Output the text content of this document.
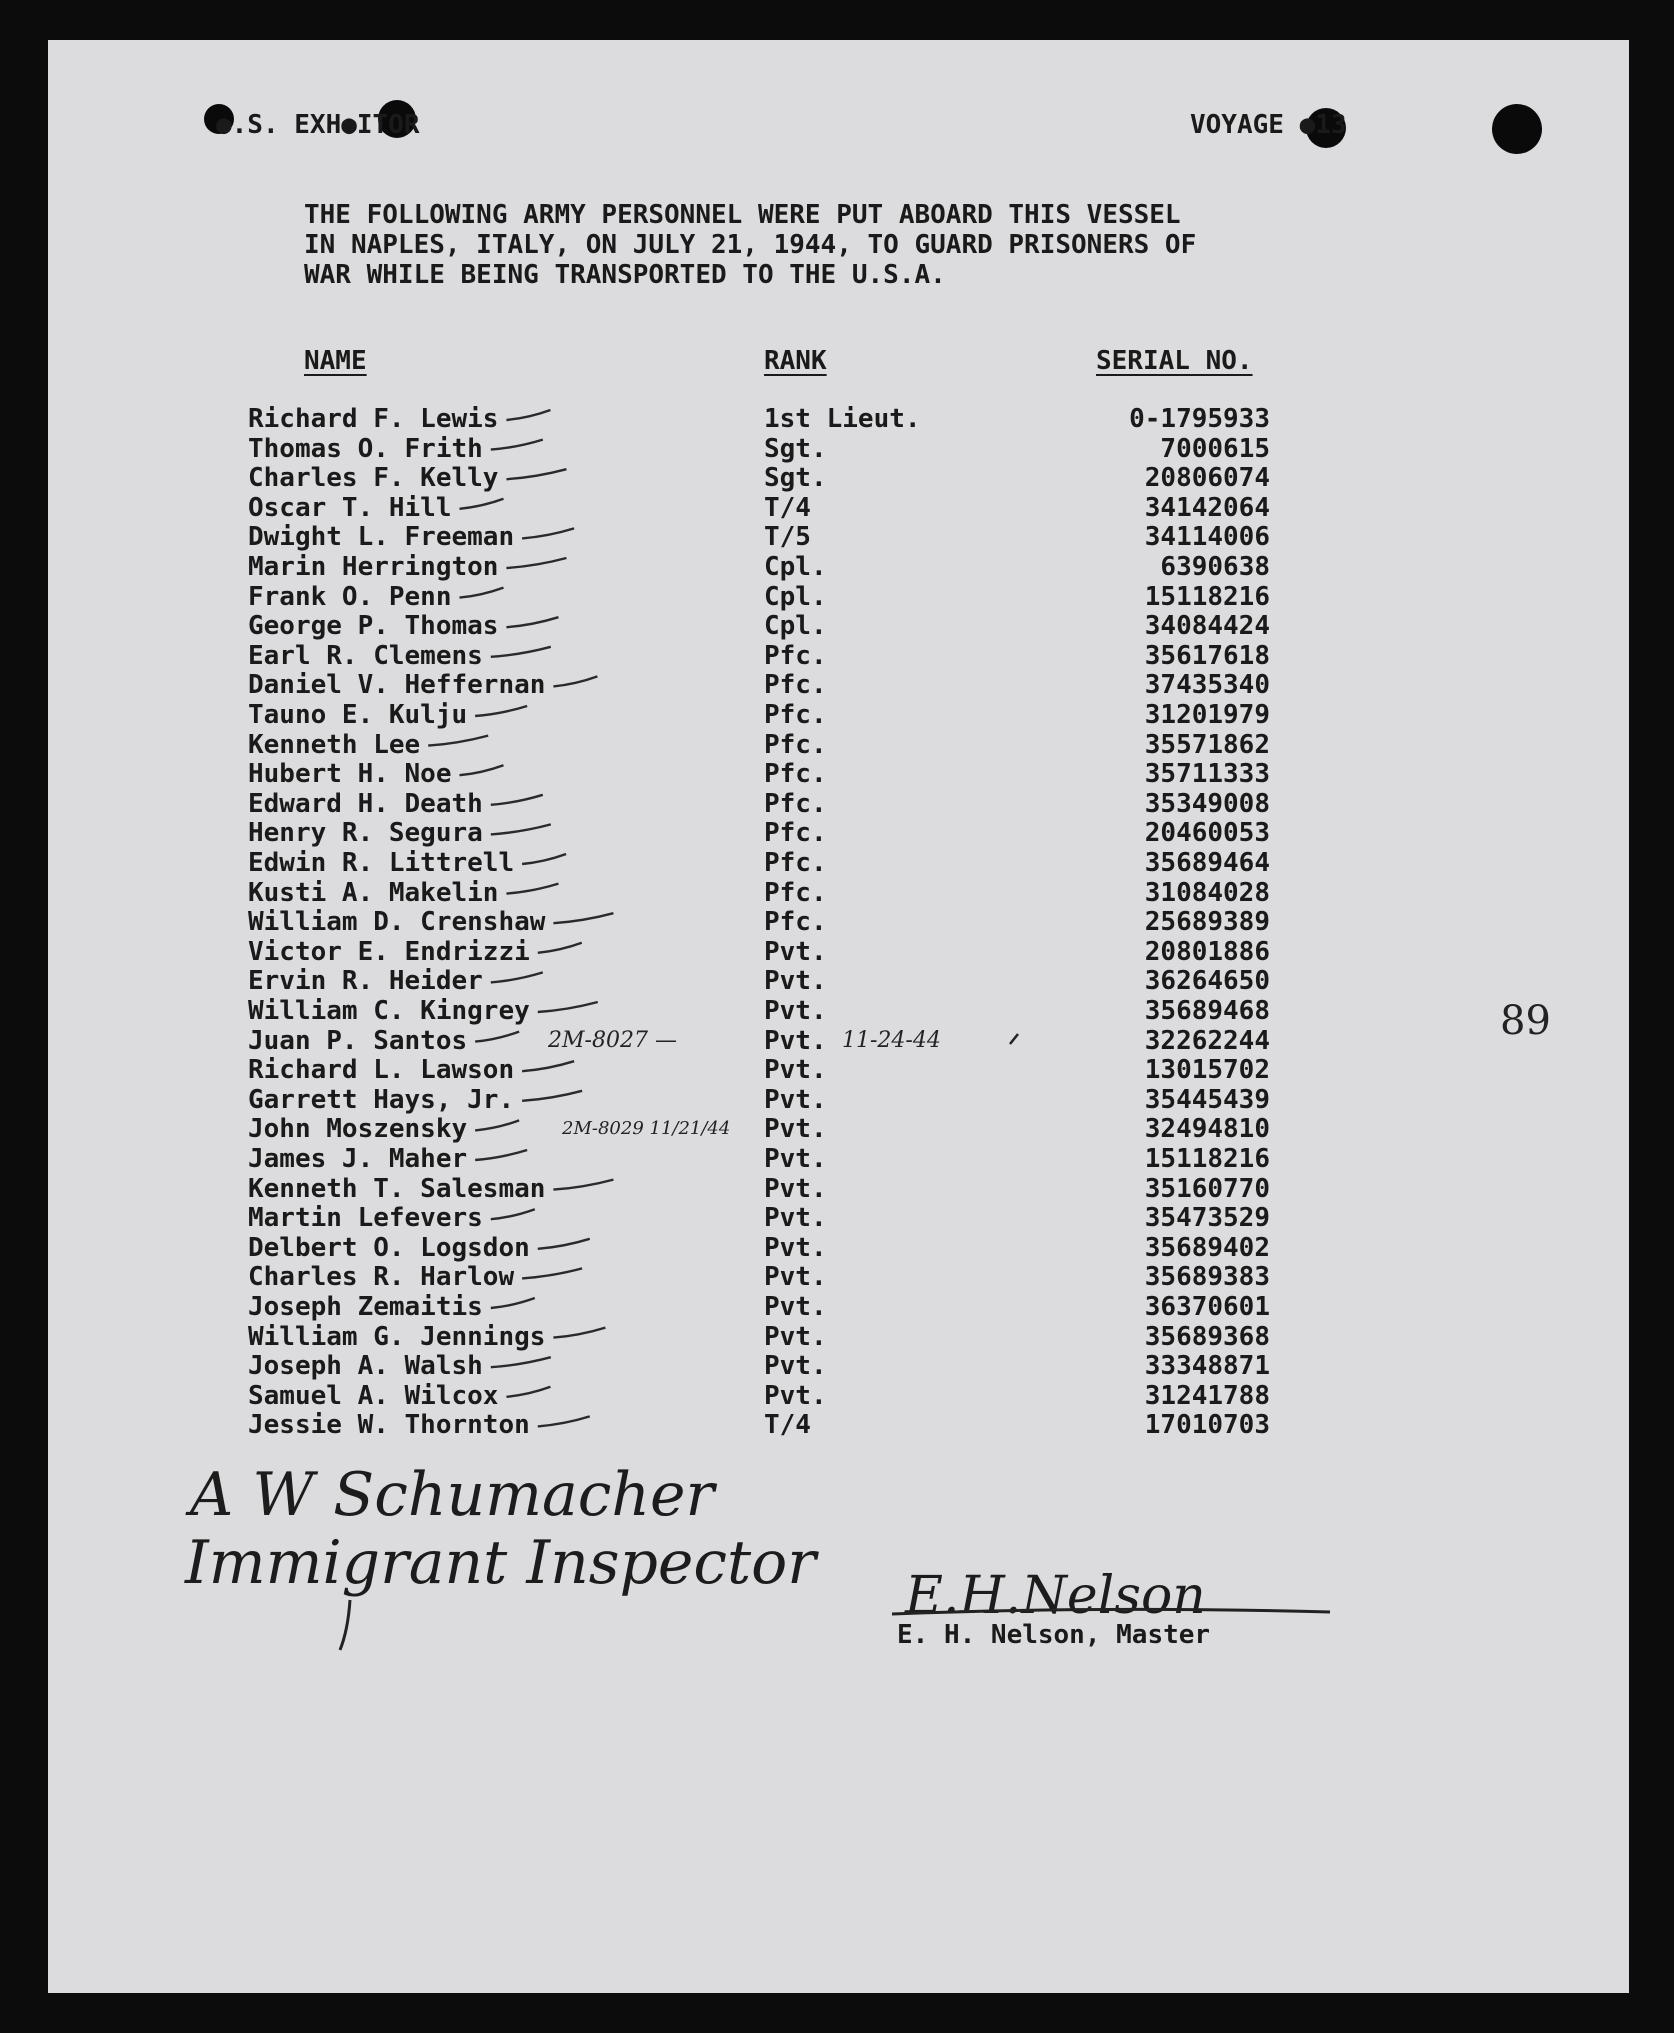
●.S. EXH●ITOR	VOYAGE ●13
THE FOLLOWING ARMY PERSONNEL WERE PUT ABOARD THIS VESSEL
IN NAPLES, ITALY, ON JULY 21, 1944, TO GUARD PRISONERS OF
WAR WHILE BEING TRANSPORTED TO THE U.S.A.
NAME	RANK	SERIAL NO.
Richard F. Lewis	1st Lieut.	0-1795933
Thomas O. Frith	Sgt.	7000615
Charles F. Kelly	Sgt.	20806074
Oscar T. Hill	T/4	34142064
Dwight L. Freeman	T/5	34114006
Marin Herrington	Cpl.	6390638
Frank O. Penn	Cpl.	15118216
George P. Thomas	Cpl.	34084424
Earl R. Clemens	Pfc.	35617618
Daniel V. Heffernan	Pfc.	37435340
Tauno E. Kulju	Pfc.	31201979
Kenneth Lee	Pfc.	35571862
Hubert H. Noe	Pfc.	35711333
Edward H. Death	Pfc.	35349008
Henry R. Segura	Pfc.	20460053
Edwin R. Littrell	Pfc.	35689464
Kusti A. Makelin	Pfc.	31084028
William D. Crenshaw	Pfc.	25689389
Victor E. Endrizzi	Pvt.	20801886
Ervin R. Heider	Pvt.	36264650
William C. Kingrey	Pvt.	35689468
Juan P. Santos	Pvt.	32262244
Richard L. Lawson	Pvt.	13015702
Garrett Hays, Jr.	Pvt.	35445439
John Moszensky	Pvt.	32494810
James J. Maher	Pvt.	15118216
Kenneth T. Salesman	Pvt.	35160770
Martin Lefevers	Pvt.	35473529
Delbert O. Logsdon	Pvt.	35689402
Charles R. Harlow	Pvt.	35689383
Joseph Zemaitis	Pvt.	36370601
William G. Jennings	Pvt.	35689368
Joseph A. Walsh	Pvt.	33348871
Samuel A. Wilcox	Pvt.	31241788
Jessie W. Thornton	T/4	17010703
2M-8027 —	11-24-44
2M-8029 11/21/44
89
A W Schumacher
Immigrant Inspector E.H.Nelson
E. H. Nelson, Master
